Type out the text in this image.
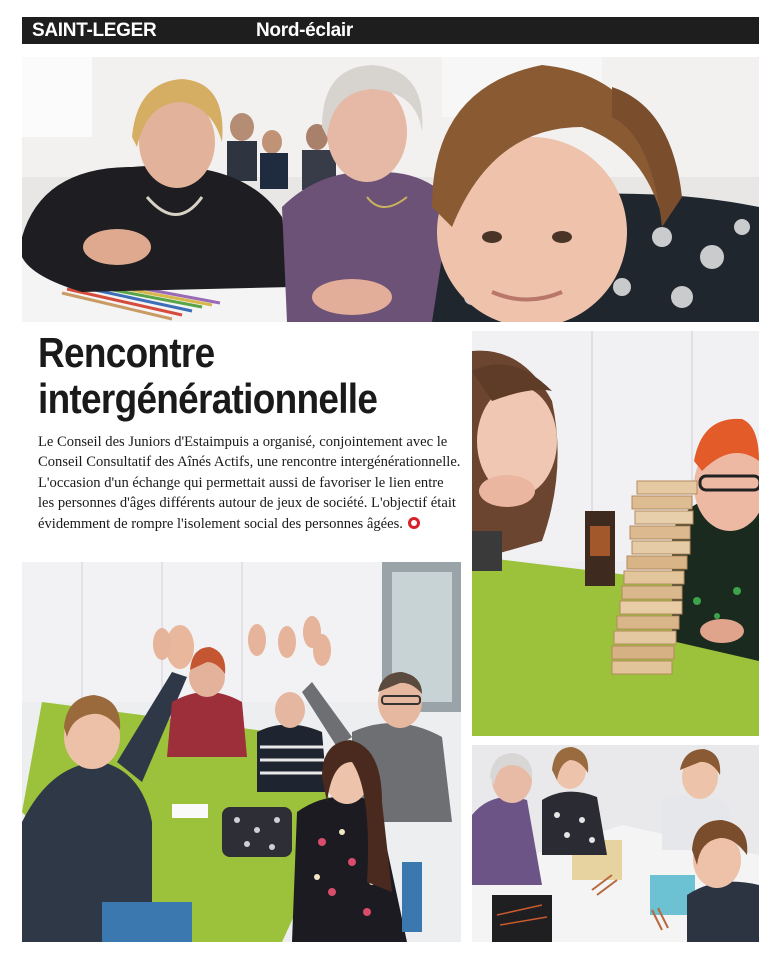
SAINT-LEGER	Nord-éclair
Rencontre
intergénérationnelle

Le Conseil des Juniors d'Estaimpuis a organisé, conjointement avec le Conseil Consultatif des Aînés Actifs, une rencontre intergénérationnelle. L'occasion d'un échange qui permettait aussi de favoriser le lien entre les personnes d'âges différents autour de jeux de société. L'objectif était évidemment de rompre l'isolement social des personnes âgées.
